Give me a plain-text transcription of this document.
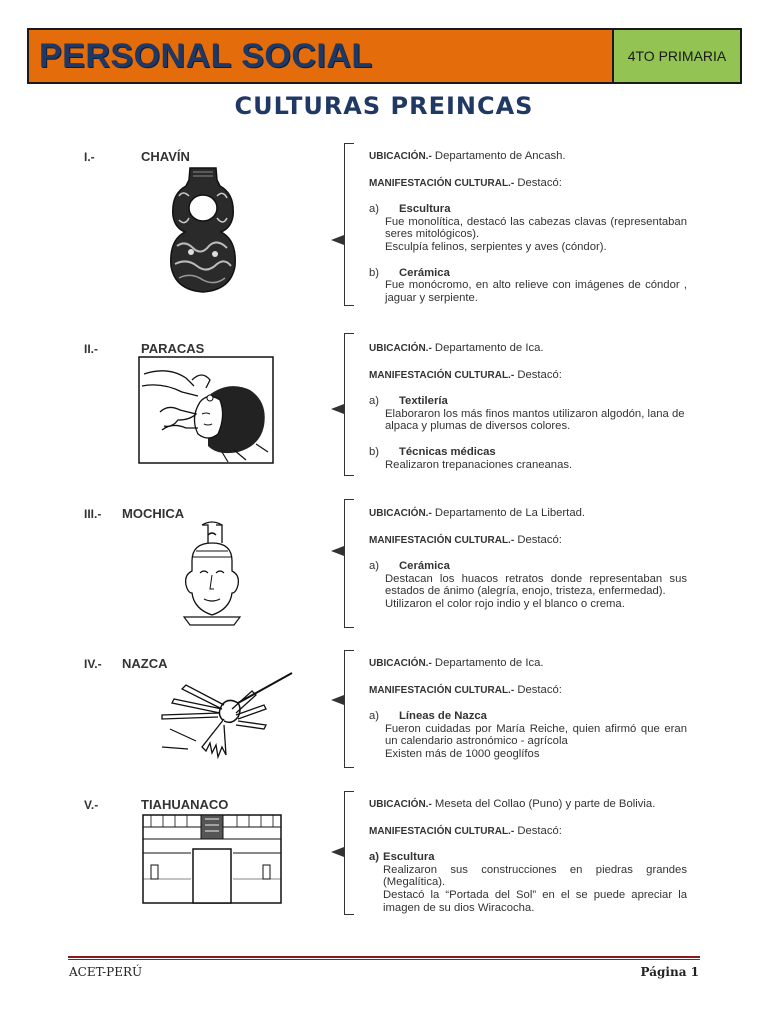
PERSONAL SOCIAL	4TO PRIMARIA
CULTURAS PREINCAS
I.-	CHAVÍN	UBICACIÓN.- Departamento de Ancash.

MANIFESTACIÓN CULTURAL.- Destacó:

a)	Escultura

Fue monolítica, destacó las cabezas clavas (representaban seres mitológicos).

Esculpía felinos, serpientes y aves (cóndor).

b)	Cerámica

Fue monócromo, en alto relieve con imágenes de cóndor , jaguar y serpiente.

II.-	PARACAS	UBICACIÓN.- Departamento de Ica.

MANIFESTACIÓN CULTURAL.- Destacó:

a)	Textilería

Elaboraron los más finos mantos utilizaron algodón, lana de alpaca y plumas de diversos colores.

b)	Técnicas médicas

Realizaron trepanaciones craneanas.

III.- MOCHICA	UBICACIÓN.- Departamento de La Libertad.

MANIFESTACIÓN CULTURAL.- Destacó:

a)	Cerámica

Destacan los huacos retratos donde representaban sus estados de ánimo (alegría, enojo, tristeza, enfermedad).

Utilizaron el color rojo indio y el blanco o crema.

IV.- NAZCA	UBICACIÓN.- Departamento de Ica.

MANIFESTACIÓN CULTURAL.- Destacó:

a)	Líneas de Nazca

Fueron cuidadas por María Reiche, quien afirmó que eran un calendario astronómico - agrícola

Existen más de 1000 geoglífos

V.-	TIAHUANACO	UBICACIÓN.- Meseta del Collao (Puno) y parte de Bolivia.

MANIFESTACIÓN CULTURAL.- Destacó:

a) Escultura

Realizaron sus construcciones en piedras grandes (Megalítica).

Destacó la “Portada del Sol” en el se puede apreciar la imagen de su dios Wiracocha.

ACET-PERÚ	Página 1
